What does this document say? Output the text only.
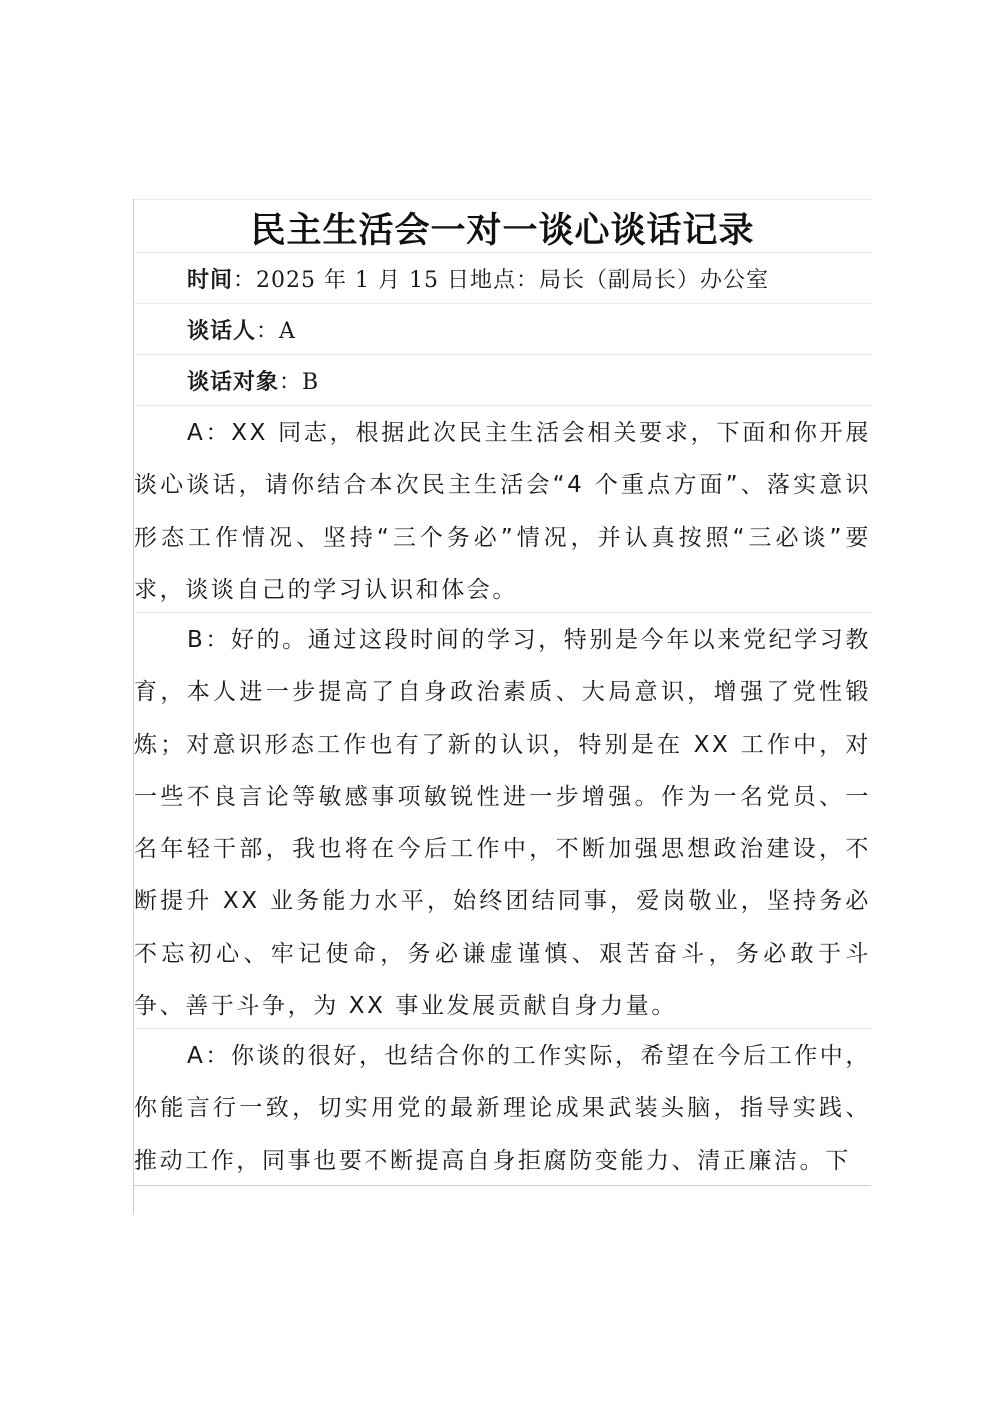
民主生活会一对一谈心谈话记录
时间 ：2025 年 1 月 15 日地点：局长（副局长）办公室
谈话人 ：A
谈话对象 ：B

A：XX 同志，根据此次民主生活会相关要求，下面和你开展谈心谈话，请你结合本次民主生活会“4 个重点方面”、落实意识形态工作情况、坚持“三个务必”情况，并认真按照“三必谈”要求，谈谈自己的学习认识和体会。

B：好的。通过这段时间的学习，特别是今年以来党纪学习教育，本人进一步提高了自身政治素质、大局意识，增强了党性锻炼；对意识形态工作也有了新的认识，特别是在 XX 工作中，对一些不良言论等敏感事项敏锐性进一步增强。作为一名党员、一名年轻干部，我也将在今后工作中，不断加强思想政治建设，不断提升 XX 业务能力水平，始终团结同事，爱岗敬业，坚持务必不忘初心、牢记使命，务必谦虚谨慎、艰苦奋斗，务必敢于斗争、善于斗争，为 XX 事业发展贡献自身力量。

A：你谈的很好，也结合你的工作实际，希望在今后工作中，你能言行一致，切实用党的最新理论成果武装头脑，指导实践、推动工作，同事也要不断提高自身拒腐防变能力、清正廉洁。下
